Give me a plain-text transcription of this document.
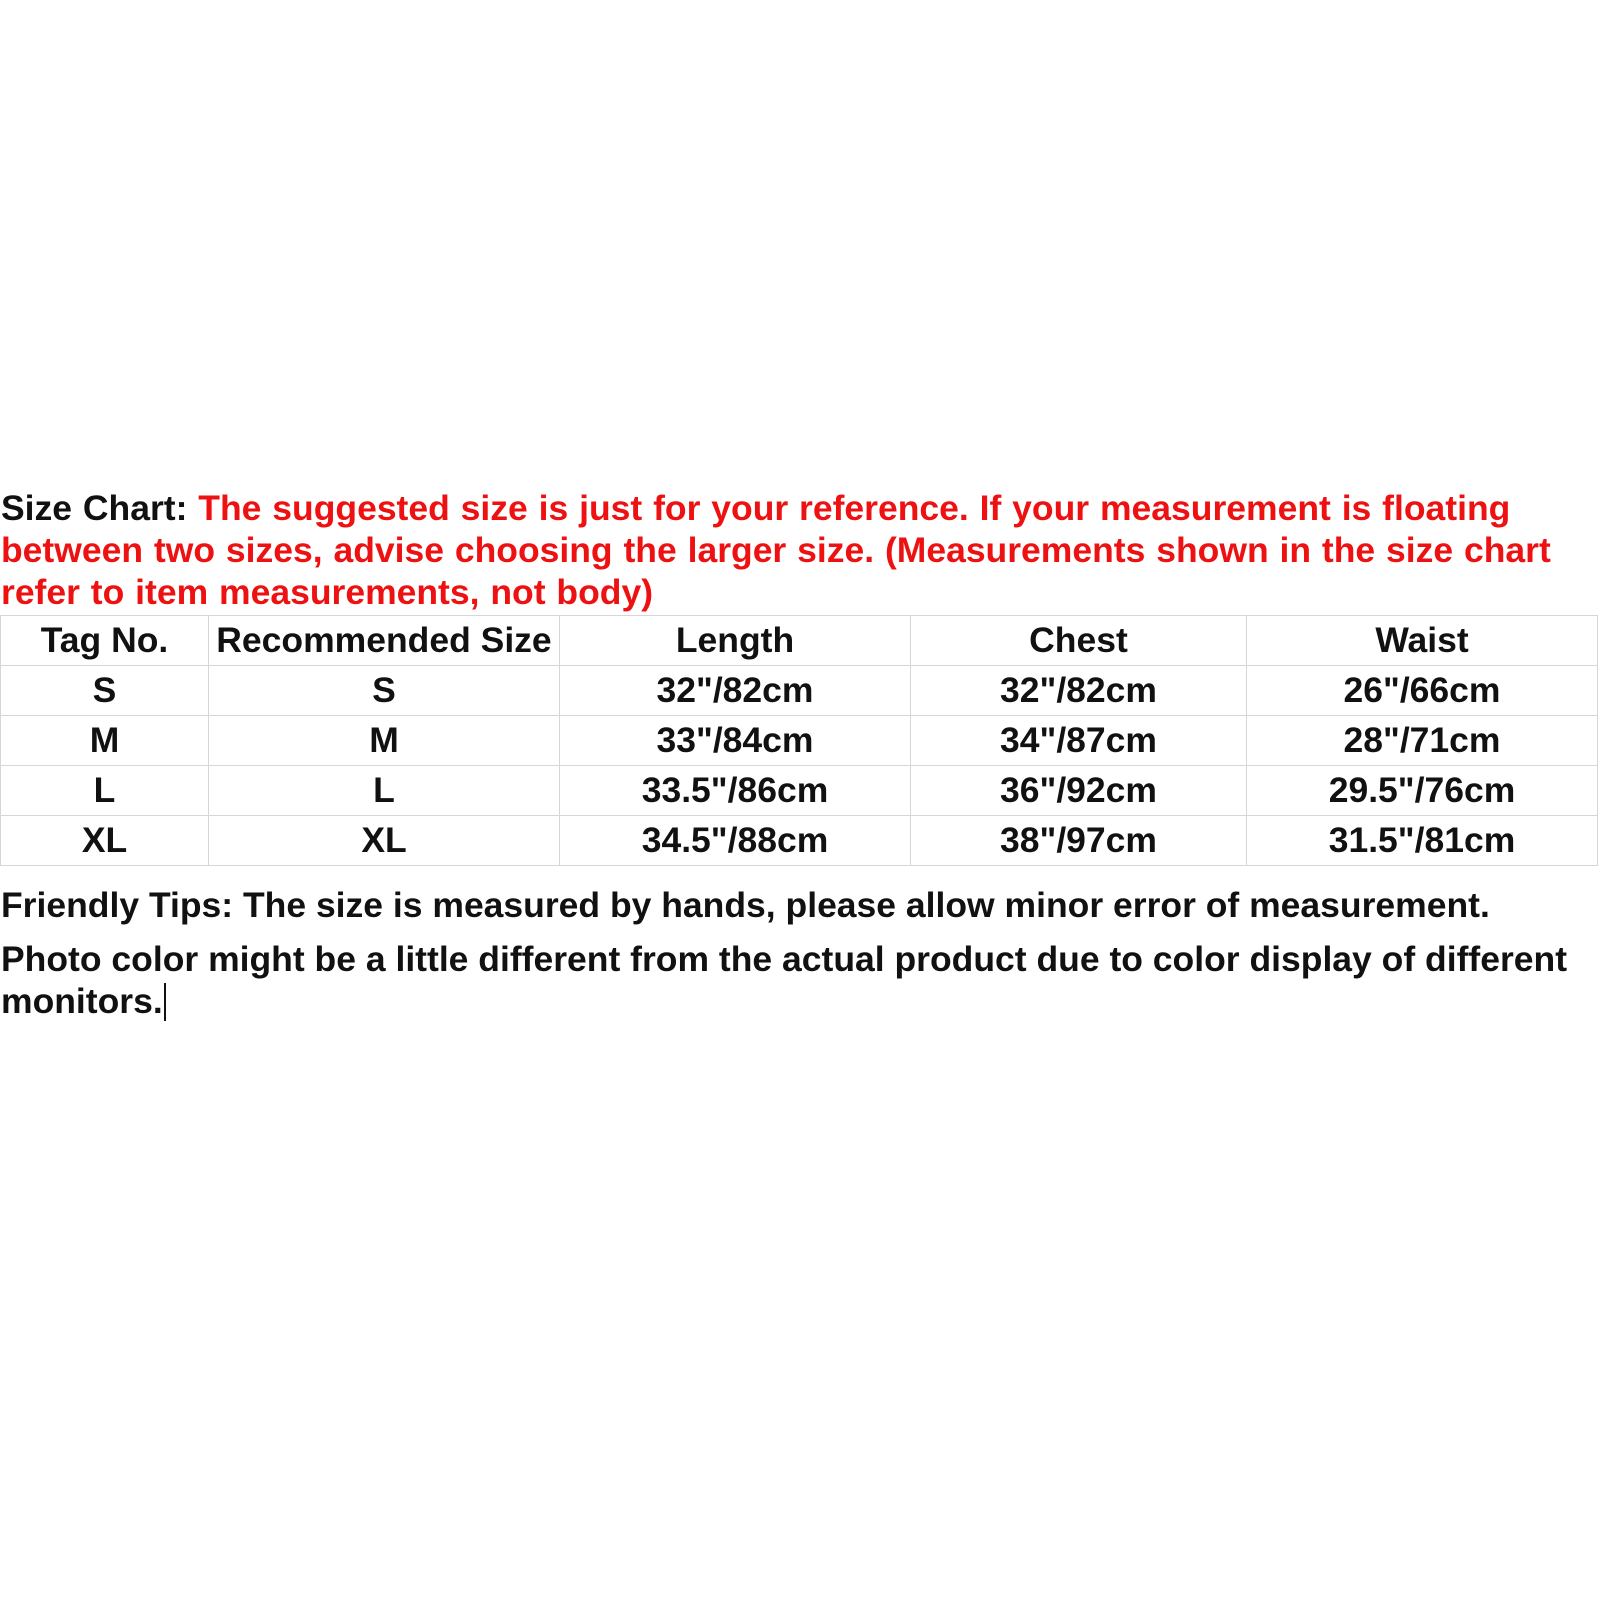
Size Chart: The suggested size is just for your reference. If your measurement is floating between two sizes, advise choosing the larger size. (Measurements shown in the size chart refer to item measurements, not body)

Tag No.	Recommended Size	Length	Chest	Waist
S	S	32"/82cm	32"/82cm	26"/66cm
M	M	33"/84cm	34"/87cm	28"/71cm
L	L	33.5"/86cm	36"/92cm	29.5"/76cm
XL	XL	34.5"/88cm	38"/97cm	31.5"/81cm

Friendly Tips: The size is measured by hands, please allow minor error of measurement.

Photo color might be a little different from the actual product due to color display of different monitors.
